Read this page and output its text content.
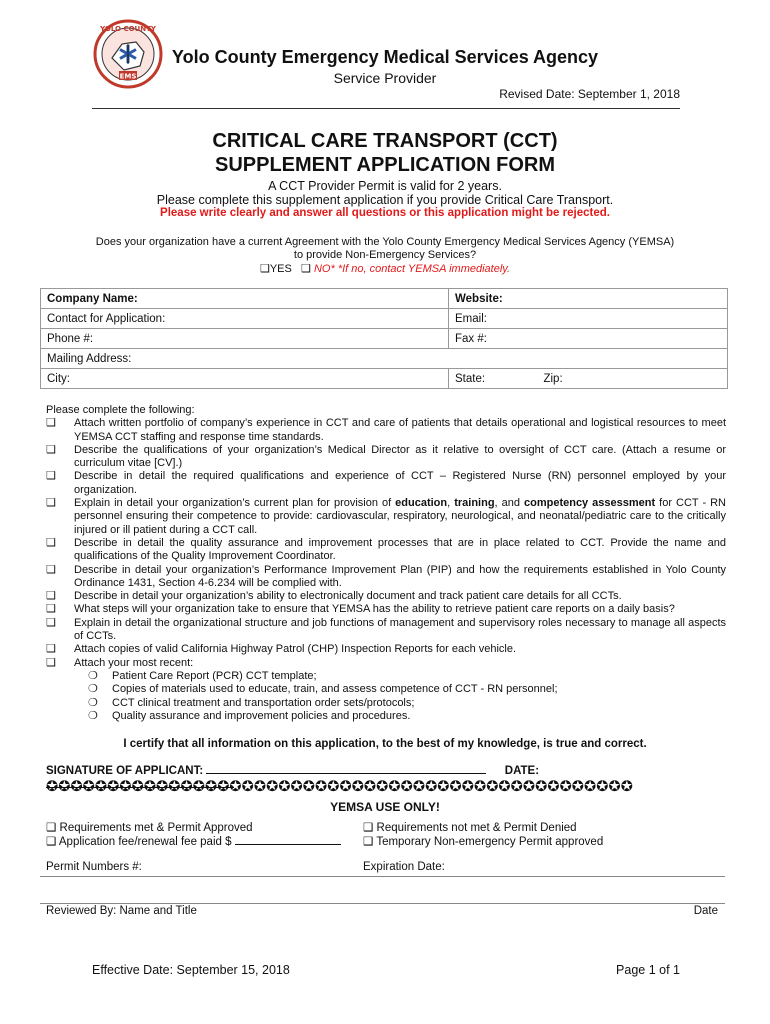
EMS
YOLO COUNTY
Yolo County Emergency Medical Services Agency
Service Provider
Revised Date: September 1, 2018
CRITICAL CARE TRANSPORT (CCT)
SUPPLEMENT APPLICATION FORM
A CCT Provider Permit is valid for 2 years.
Please complete this supplement application if you provide Critical Care Transport.
Please write clearly and answer all questions or this application might be rejected.
Does your organization have a current Agreement with the Yolo County Emergency Medical Services Agency (YEMSA)
to provide Non-Emergency Services?
❑YES ❑ NO* *If no, contact YEMSA immediately.
Company Name:	Website:
Contact for Application:	Email:
Phone #:	Fax #:
Mailing Address:	
City:	State: Zip:
Please complete the following:
❑ Attach written portfolio of company’s experience in CCT and care of patients that details operational and logistical resources to meet YEMSA CCT staffing and response time standards.
❑ Describe the qualifications of your organization’s Medical Director as it relative to oversight of CCT care. (Attach a resume or curriculum vitae [CV].)
❑ Describe in detail the required qualifications and experience of CCT – Registered Nurse (RN) personnel employed by your organization.
❑ Explain in detail your organization’s current plan for provision of education, training, and competency assessment for CCT - RN personnel ensuring their competence to provide: cardiovascular, respiratory, neurological, and neonatal/pediatric care to the critically injured or ill patient during a CCT call.
❑ Describe in detail the quality assurance and improvement processes that are in place related to CCT. Provide the name and qualifications of the Quality Improvement Coordinator.
❑ Describe in detail your organization’s Performance Improvement Plan (PIP) and how the requirements established in Yolo County Ordinance 1431, Section 4-6.234 will be complied with.
❑ Describe in detail your organization’s ability to electronically document and track patient care details for all CCTs.
❑ What steps will your organization take to ensure that YEMSA has the ability to retrieve patient care reports on a daily basis?
❑ Explain in detail the organizational structure and job functions of management and supervisory roles necessary to manage all aspects of CCTs.
❑ Attach copies of valid California Highway Patrol (CHP) Inspection Reports for each vehicle.
❑ Attach your most recent:
❍ Patient Care Report (PCR) CCT template;
❍ Copies of materials used to educate, train, and assess competence of CCT - RN personnel;
❍ CCT clinical treatment and transportation order sets/protocols;
❍ Quality assurance and improvement policies and procedures.
I certify that all information on this application, to the best of my knowledge, is true and correct.
SIGNATURE OF APPLICANT:	DATE:
✪✪✪✪✪✪✪✪✪✪✪✪✪✪✪✪✪✪✪✪✪✪✪✪✪✪✪✪✪✪✪✪✪✪✪✪✪✪✪✪✪✪✪✪✪✪✪✪
YEMSA USE ONLY!
❑ Requirements met & Permit Approved	❑ Requirements not met & Permit Denied
❑ Application fee/renewal fee paid $	❑ Temporary Non-emergency Permit approved
Permit Numbers #:	Expiration Date:
Reviewed By: Name and Title	Date
Effective Date: September 15, 2018	Page 1 of 1
